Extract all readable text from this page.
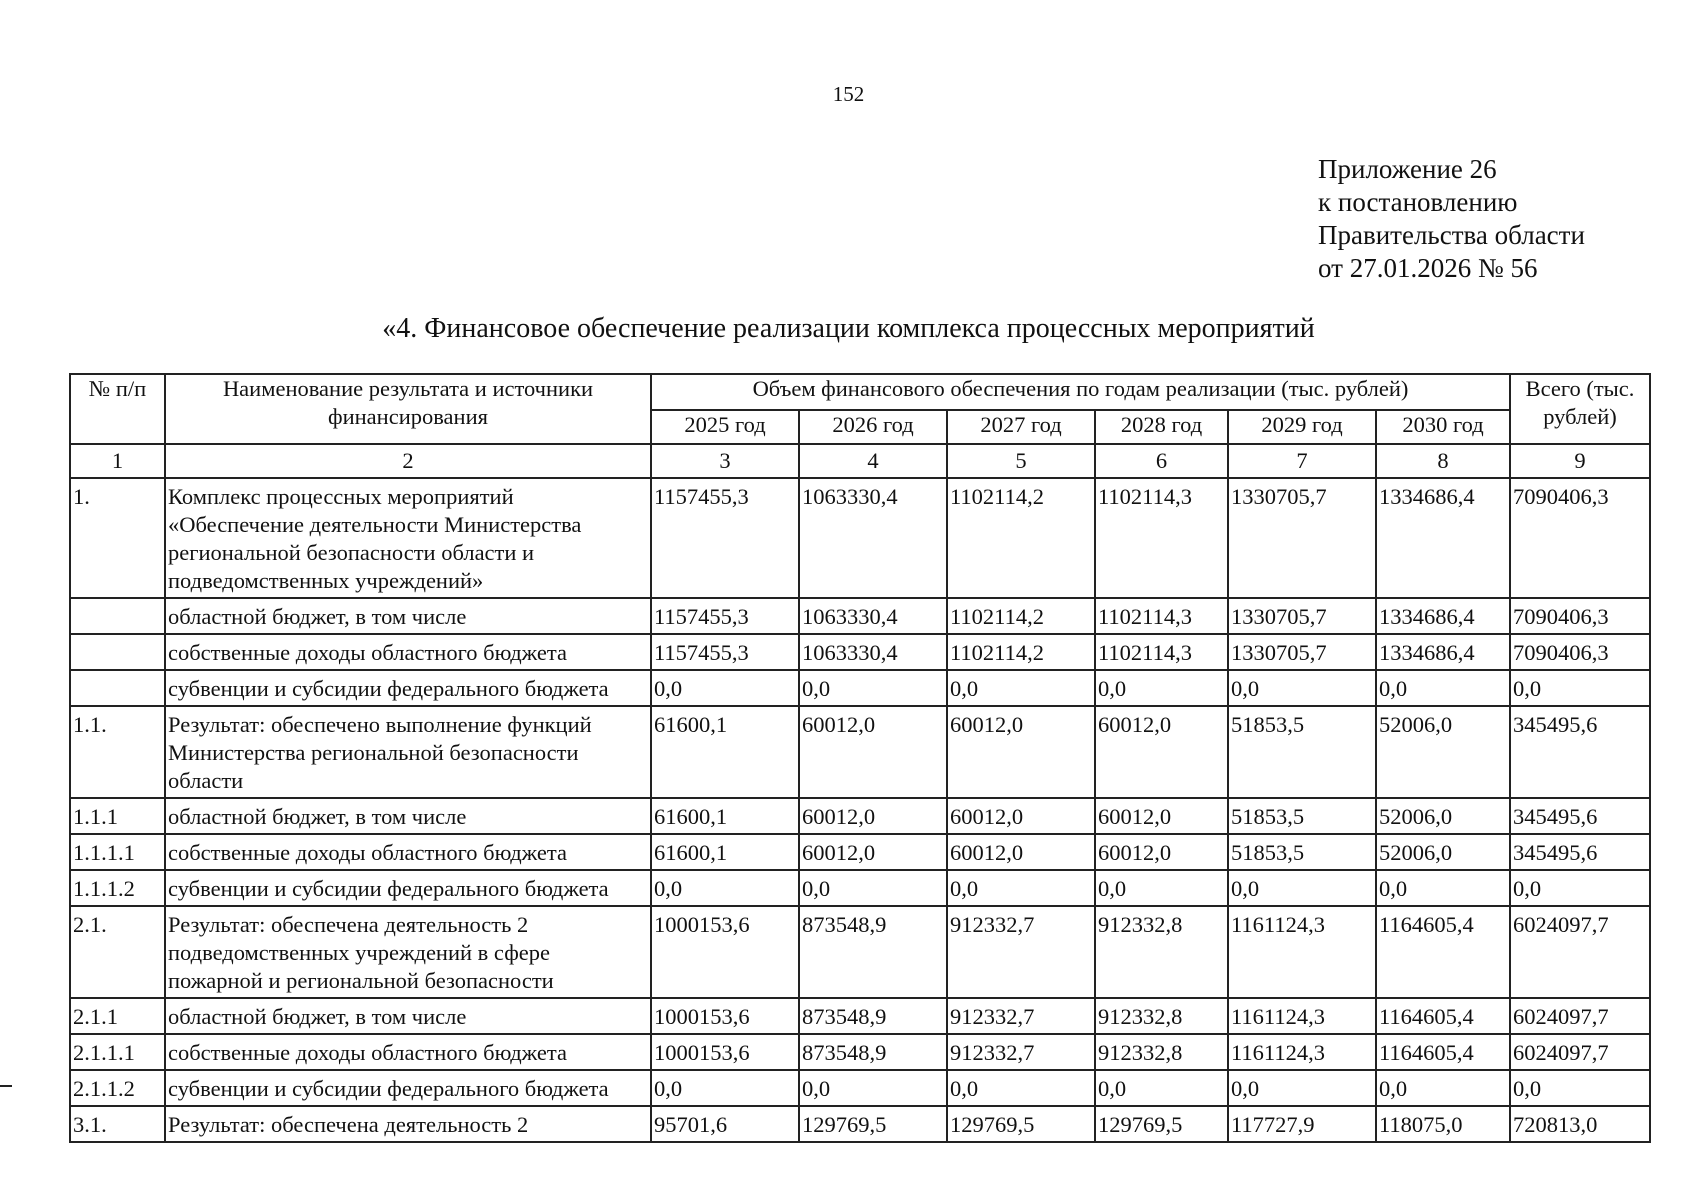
152
Приложение 26
к постановлению
Правительства области
от 27.01.2026 № 56
«4. Финансовое обеспечение реализации комплекса процессных мероприятий
№ п/п	Наименование результата и источники финансирования	Объем финансового обеспечения по годам реализации (тыс. рублей)						Всего (тыс. рублей)
		2025 год	2026 год	2027 год	2028 год	2029 год	2030 год	
1	2	3	4	5	6	7	8	9
1.	Комплекс процессных мероприятий «Обеспечение деятельности Министерства региональной безопасности области и подведомственных учреждений»	1157455,3	1063330,4	1102114,2	1102114,3	1330705,7	1334686,4	7090406,3
	областной бюджет, в том числе	1157455,3	1063330,4	1102114,2	1102114,3	1330705,7	1334686,4	7090406,3
	собственные доходы областного бюджета	1157455,3	1063330,4	1102114,2	1102114,3	1330705,7	1334686,4	7090406,3
	субвенции и субсидии федерального бюджета	0,0	0,0	0,0	0,0	0,0	0,0	0,0
1.1.	Результат: обеспечено выполнение функций Министерства региональной безопасности области	61600,1	60012,0	60012,0	60012,0	51853,5	52006,0	345495,6
1.1.1	областной бюджет, в том числе	61600,1	60012,0	60012,0	60012,0	51853,5	52006,0	345495,6
1.1.1.1	собственные доходы областного бюджета	61600,1	60012,0	60012,0	60012,0	51853,5	52006,0	345495,6
1.1.1.2	субвенции и субсидии федерального бюджета	0,0	0,0	0,0	0,0	0,0	0,0	0,0
2.1.	Результат: обеспечена деятельность 2 подведомственных учреждений в сфере пожарной и региональной безопасности	1000153,6	873548,9	912332,7	912332,8	1161124,3	1164605,4	6024097,7
2.1.1	областной бюджет, в том числе	1000153,6	873548,9	912332,7	912332,8	1161124,3	1164605,4	6024097,7
2.1.1.1	собственные доходы областного бюджета	1000153,6	873548,9	912332,7	912332,8	1161124,3	1164605,4	6024097,7
2.1.1.2	субвенции и субсидии федерального бюджета	0,0	0,0	0,0	0,0	0,0	0,0	0,0
3.1.	Результат: обеспечена деятельность 2	95701,6	129769,5	129769,5	129769,5	117727,9	118075,0	720813,0
